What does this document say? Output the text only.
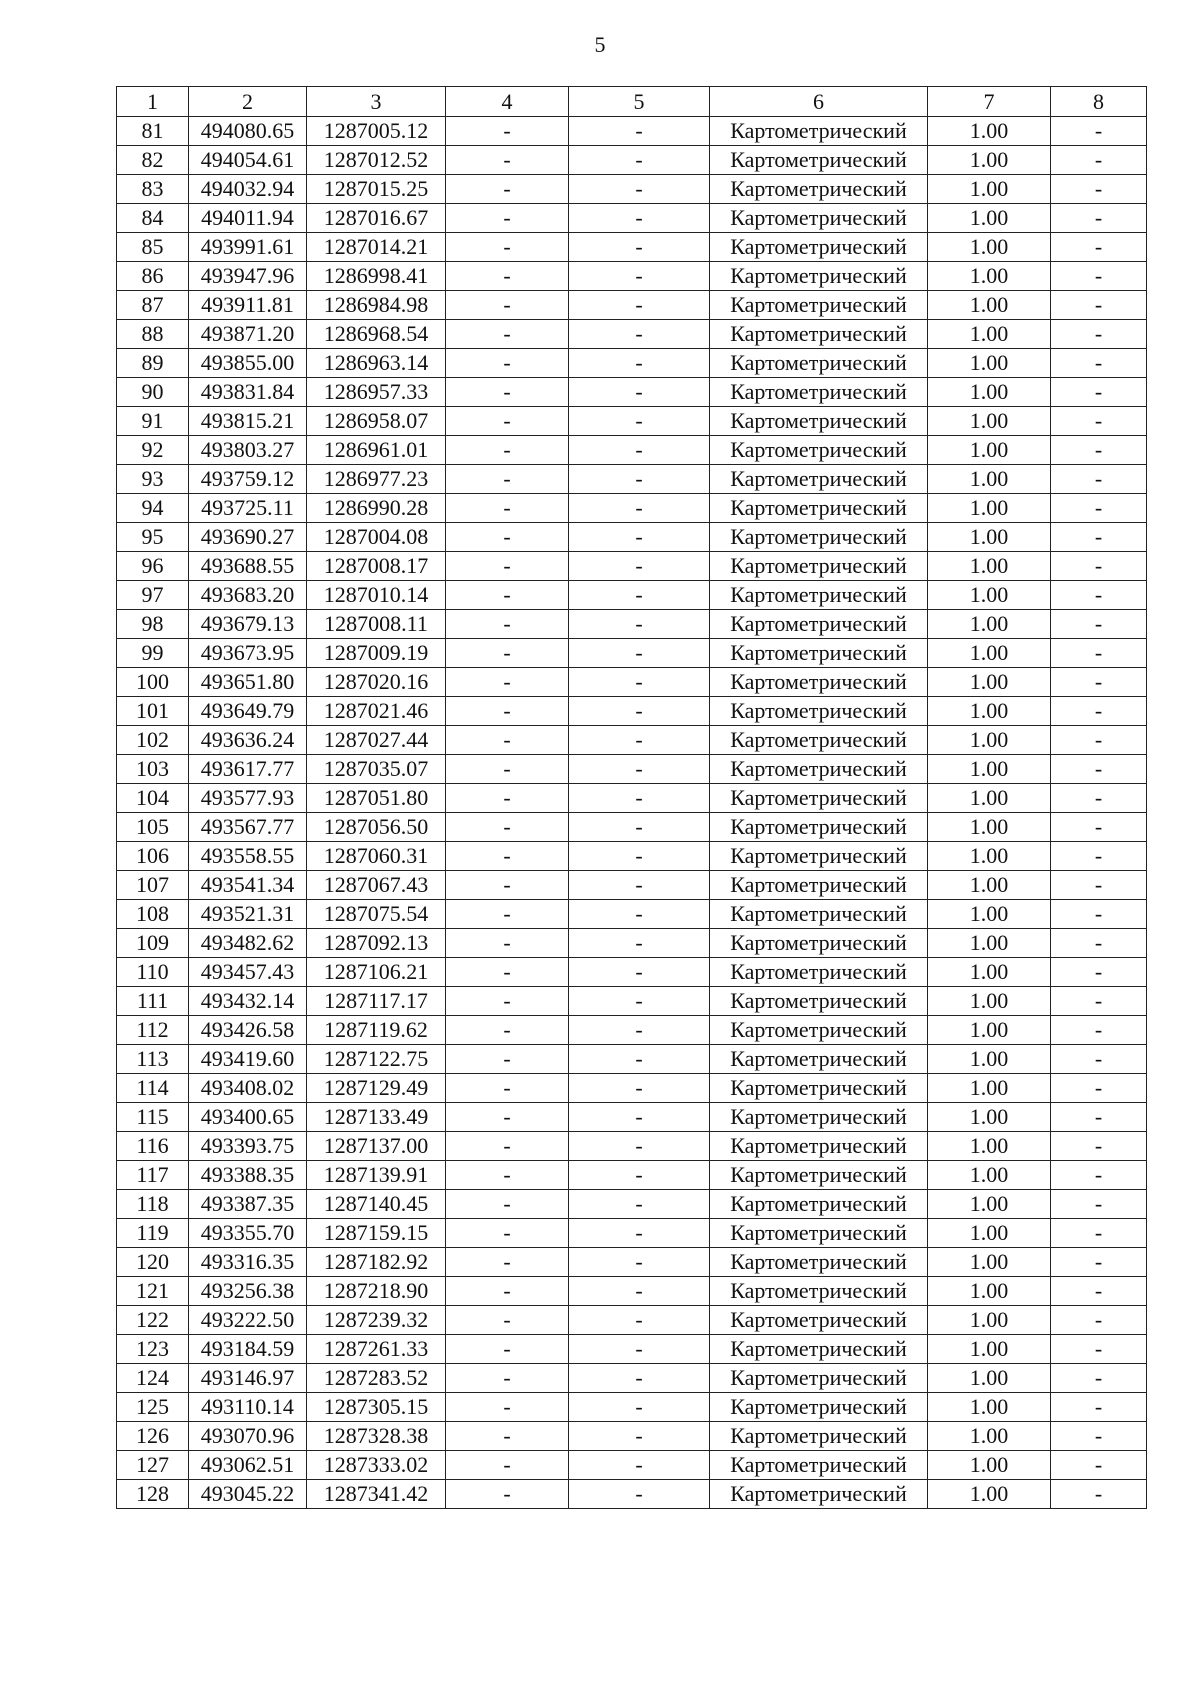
5
1	2	3	4	5	6	7	8
81	494080.65	1287005.12	-	-	Картометрический	1.00	-
82	494054.61	1287012.52	-	-	Картометрический	1.00	-
83	494032.94	1287015.25	-	-	Картометрический	1.00	-
84	494011.94	1287016.67	-	-	Картометрический	1.00	-
85	493991.61	1287014.21	-	-	Картометрический	1.00	-
86	493947.96	1286998.41	-	-	Картометрический	1.00	-
87	493911.81	1286984.98	-	-	Картометрический	1.00	-
88	493871.20	1286968.54	-	-	Картометрический	1.00	-
89	493855.00	1286963.14	-	-	Картометрический	1.00	-
90	493831.84	1286957.33	-	-	Картометрический	1.00	-
91	493815.21	1286958.07	-	-	Картометрический	1.00	-
92	493803.27	1286961.01	-	-	Картометрический	1.00	-
93	493759.12	1286977.23	-	-	Картометрический	1.00	-
94	493725.11	1286990.28	-	-	Картометрический	1.00	-
95	493690.27	1287004.08	-	-	Картометрический	1.00	-
96	493688.55	1287008.17	-	-	Картометрический	1.00	-
97	493683.20	1287010.14	-	-	Картометрический	1.00	-
98	493679.13	1287008.11	-	-	Картометрический	1.00	-
99	493673.95	1287009.19	-	-	Картометрический	1.00	-
100	493651.80	1287020.16	-	-	Картометрический	1.00	-
101	493649.79	1287021.46	-	-	Картометрический	1.00	-
102	493636.24	1287027.44	-	-	Картометрический	1.00	-
103	493617.77	1287035.07	-	-	Картометрический	1.00	-
104	493577.93	1287051.80	-	-	Картометрический	1.00	-
105	493567.77	1287056.50	-	-	Картометрический	1.00	-
106	493558.55	1287060.31	-	-	Картометрический	1.00	-
107	493541.34	1287067.43	-	-	Картометрический	1.00	-
108	493521.31	1287075.54	-	-	Картометрический	1.00	-
109	493482.62	1287092.13	-	-	Картометрический	1.00	-
110	493457.43	1287106.21	-	-	Картометрический	1.00	-
111	493432.14	1287117.17	-	-	Картометрический	1.00	-
112	493426.58	1287119.62	-	-	Картометрический	1.00	-
113	493419.60	1287122.75	-	-	Картометрический	1.00	-
114	493408.02	1287129.49	-	-	Картометрический	1.00	-
115	493400.65	1287133.49	-	-	Картометрический	1.00	-
116	493393.75	1287137.00	-	-	Картометрический	1.00	-
117	493388.35	1287139.91	-	-	Картометрический	1.00	-
118	493387.35	1287140.45	-	-	Картометрический	1.00	-
119	493355.70	1287159.15	-	-	Картометрический	1.00	-
120	493316.35	1287182.92	-	-	Картометрический	1.00	-
121	493256.38	1287218.90	-	-	Картометрический	1.00	-
122	493222.50	1287239.32	-	-	Картометрический	1.00	-
123	493184.59	1287261.33	-	-	Картометрический	1.00	-
124	493146.97	1287283.52	-	-	Картометрический	1.00	-
125	493110.14	1287305.15	-	-	Картометрический	1.00	-
126	493070.96	1287328.38	-	-	Картометрический	1.00	-
127	493062.51	1287333.02	-	-	Картометрический	1.00	-
128	493045.22	1287341.42	-	-	Картометрический	1.00	-
